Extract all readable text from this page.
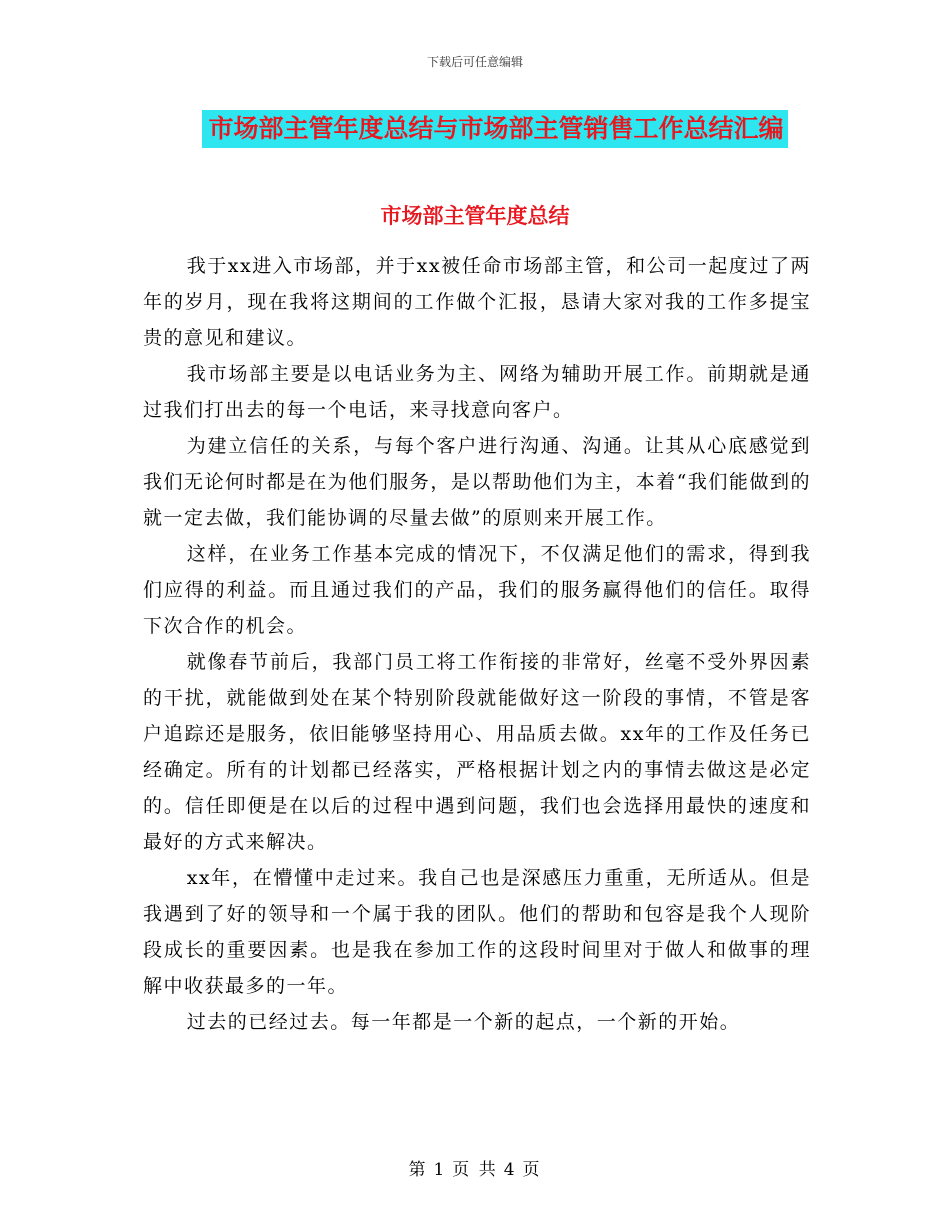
下载后可任意编辑
市场部主管年度总结与市场部主管销售工作总结汇编
市场部主管年度总结

我于xx进入市场部，并于xx被任命市场部主管，和公司一起度过了两年的岁月，现在我将这期间的工作做个汇报，恳请大家对我的工作多提宝贵的意见和建议。

我市场部主要是以电话业务为主、网络为辅助开展工作。前期就是通过我们打出去的每一个电话，来寻找意向客户。

为建立信任的关系，与每个客户进行沟通、沟通。让其从心底感觉到我们无论何时都是在为他们服务，是以帮助他们为主，本着“我们能做到的就一定去做，我们能协调的尽量去做”的原则来开展工作。

这样，在业务工作基本完成的情况下，不仅满足他们的需求，得到我们应得的利益。而且通过我们的产品，我们的服务赢得他们的信任。取得下次合作的机会。

就像春节前后，我部门员工将工作衔接的非常好，丝毫不受外界因素的干扰，就能做到处在某个特别阶段就能做好这一阶段的事情，不管是客户追踪还是服务，依旧能够坚持用心、用品质去做。xx年的工作及任务已经确定。所有的计划都已经落实，严格根据计划之内的事情去做这是必定的。信任即便是在以后的过程中遇到问题，我们也会选择用最快的速度和最好的方式来解决。

xx年，在懵懂中走过来。我自己也是深感压力重重，无所适从。但是我遇到了好的领导和一个属于我的团队。他们的帮助和包容是我个人现阶段成长的重要因素。也是我在参加工作的这段时间里对于做人和做事的理解中收获最多的一年。

过去的已经过去。每一年都是一个新的起点，一个新的开始。

第 1 页 共 4 页
